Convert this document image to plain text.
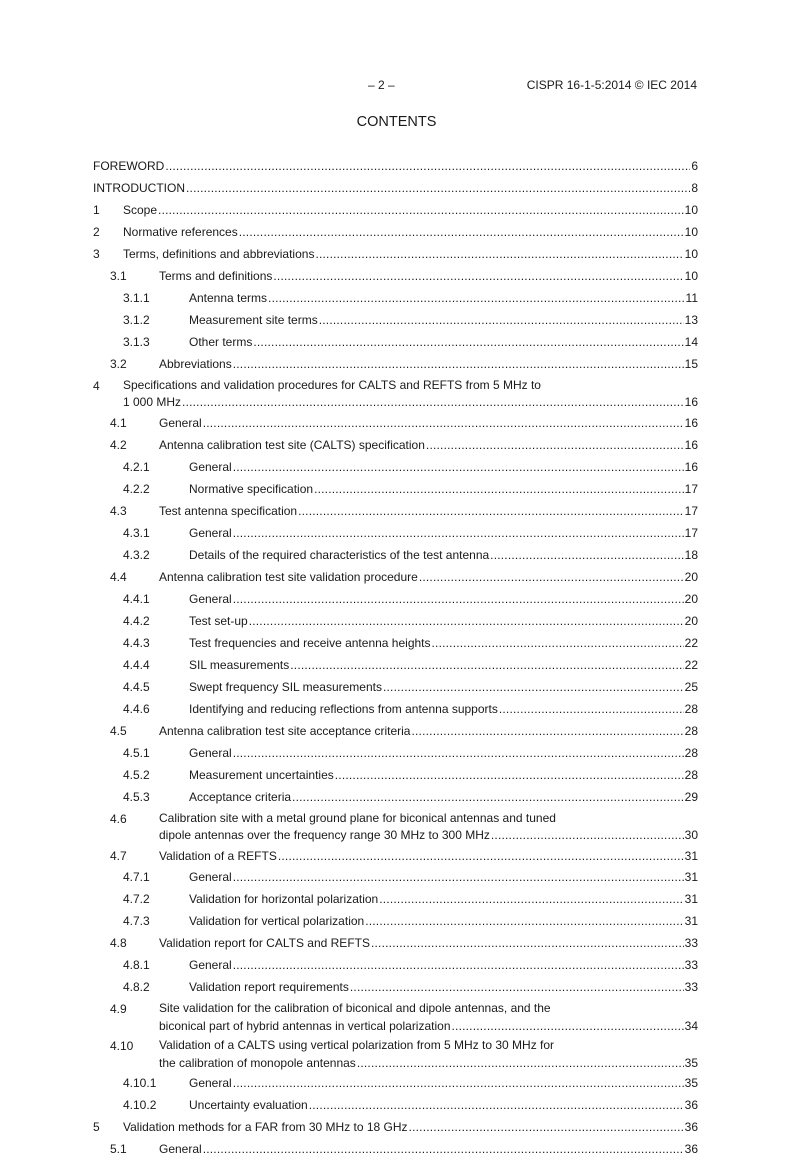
– 2 –	CISPR 16-1-5:2014 © IEC 2014
CONTENTS
FOREWORD .....	6
INTRODUCTION .....	8
1 Scope .....	10
2 Normative references .....	10
3 Terms, definitions and abbreviations .....	10
3.1	Terms and definitions .....	10
3.1.1	Antenna terms .....	11
3.1.2	Measurement site terms .....	13
3.1.3	Other terms .....	14
3.2	Abbreviations .....	15
4	Specifications and validation procedures for CALTS and REFTS from 5 MHz to
1 000 MHz .....	16
4.1	General .....	16
4.2	Antenna calibration test site (CALTS) specification .....	16
4.2.1	General .....	16
4.2.2	Normative specification .....	17
4.3	Test antenna specification .....	17
4.3.1	General .....	17
4.3.2	Details of the required characteristics of the test antenna .....	18
4.4	Antenna calibration test site validation procedure .....	20
4.4.1	General .....	20
4.4.2	Test set-up .....	20
4.4.3	Test frequencies and receive antenna heights .....	22
4.4.4	SIL measurements .....	22
4.4.5	Swept frequency SIL measurements .....	25
4.4.6	Identifying and reducing reflections from antenna supports .....	28
4.5	Antenna calibration test site acceptance criteria .....	28
4.5.1	General .....	28
4.5.2	Measurement uncertainties .....	28
4.5.3	Acceptance criteria .....	29
4.6	Calibration site with a metal ground plane for biconical antennas and tuned
dipole antennas over the frequency range 30 MHz to 300 MHz .....	30
4.7	Validation of a REFTS .....	31
4.7.1	General .....	31
4.7.2	Validation for horizontal polarization .....	31
4.7.3	Validation for vertical polarization .....	31
4.8	Validation report for CALTS and REFTS .....	33
4.8.1	General .....	33
4.8.2	Validation report requirements .....	33
4.9	Site validation for the calibration of biconical and dipole antennas, and the
biconical part of hybrid antennas in vertical polarization .....	34
4.10	Validation of a CALTS using vertical polarization from 5 MHz to 30 MHz for
the calibration of monopole antennas .....	35
4.10.1	General .....	35
4.10.2	Uncertainty evaluation .....	36
5 Validation methods for a FAR from 30 MHz to 18 GHz .....	36
5.1	General .....	36
